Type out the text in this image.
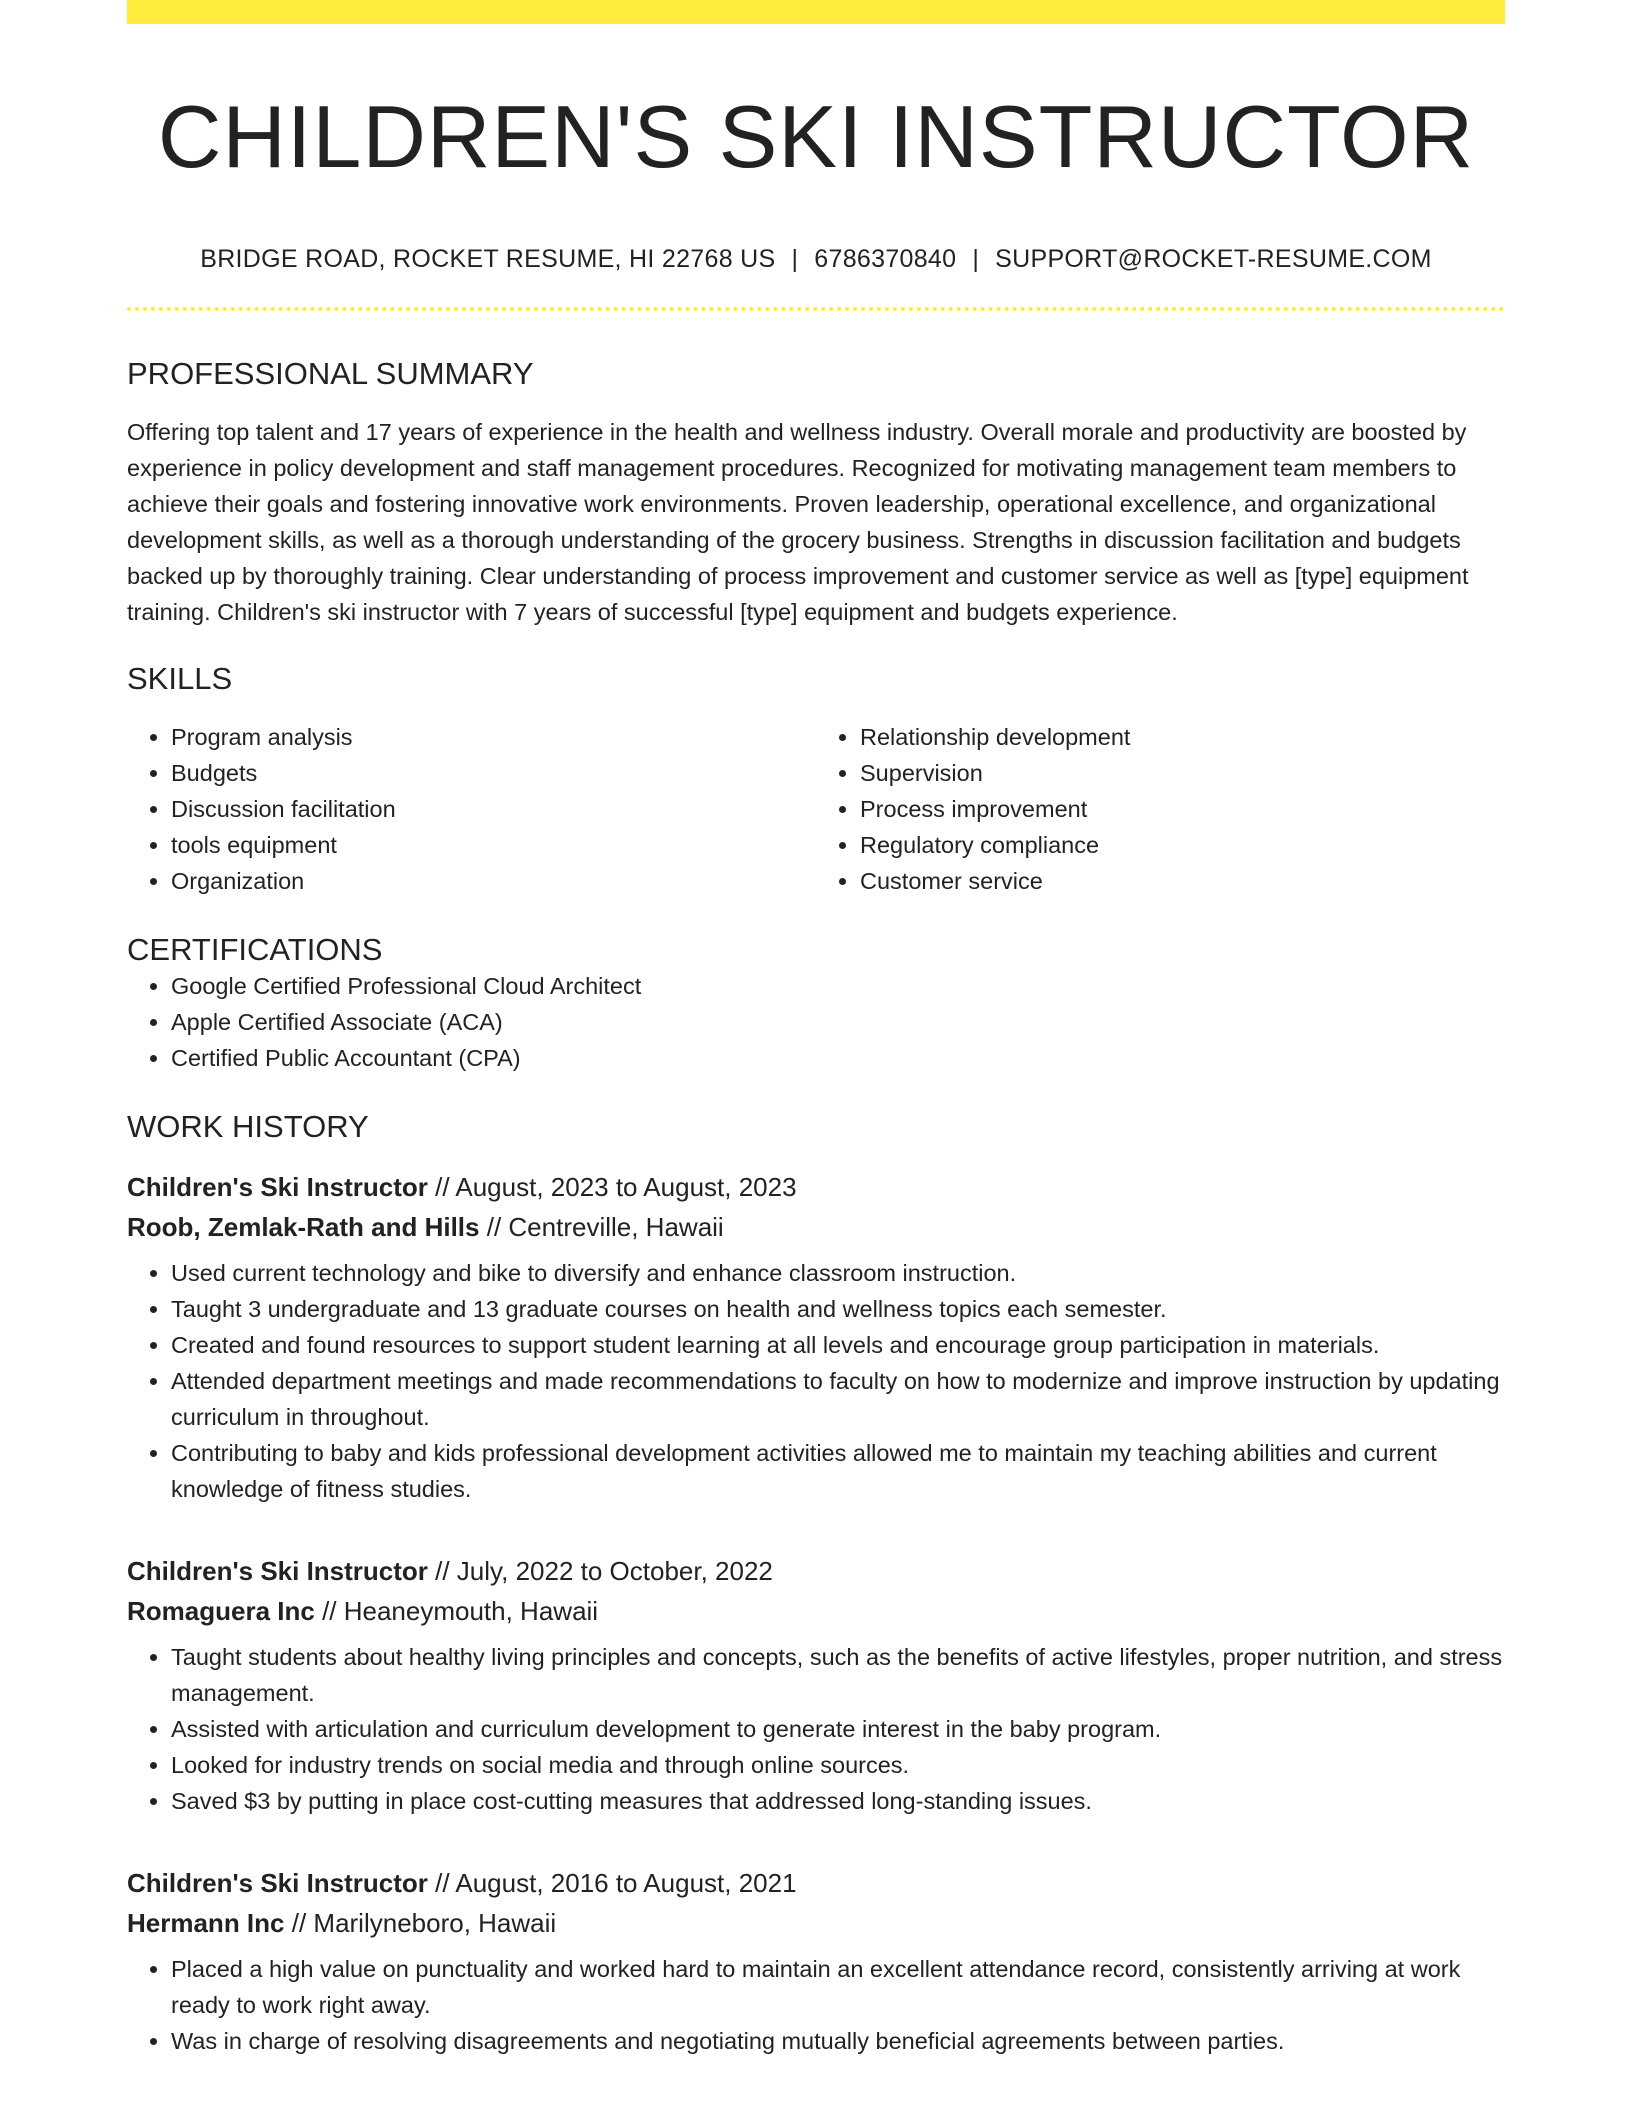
CHILDREN'S SKI INSTRUCTOR
BRIDGE ROAD, ROCKET RESUME, HI 22768 US | 6786370840 | SUPPORT@ROCKET-RESUME.COM
PROFESSIONAL SUMMARY

Offering top talent and 17 years of experience in the health and wellness industry. Overall morale and productivity are boosted by experience in policy development and staff management procedures. Recognized for motivating management team members to achieve their goals and fostering innovative work environments. Proven leadership, operational excellence, and organizational development skills, as well as a thorough understanding of the grocery business. Strengths in discussion facilitation and budgets backed up by thoroughly training. Clear understanding of process improvement and customer service as well as [type] equipment training. Children's ski instructor with 7 years of successful [type] equipment and budgets experience.

SKILLS
• Program analysis
• Budgets
• Discussion facilitation
• tools equipment
• Organization
• Relationship development
• Supervision
• Process improvement
• Regulatory compliance
• Customer service
CERTIFICATIONS
• Google Certified Professional Cloud Architect
• Apple Certified Associate (ACA)
• Certified Public Accountant (CPA)
WORK HISTORY
Children's Ski Instructor // August, 2023 to August, 2023
Roob, Zemlak-Rath and Hills // Centreville, Hawaii
• Used current technology and bike to diversify and enhance classroom instruction.
• Taught 3 undergraduate and 13 graduate courses on health and wellness topics each semester.
• Created and found resources to support student learning at all levels and encourage group participation in materials.
• Attended department meetings and made recommendations to faculty on how to modernize and improve instruction by updating curriculum in throughout.
• Contributing to baby and kids professional development activities allowed me to maintain my teaching abilities and current knowledge of fitness studies.
Children's Ski Instructor // July, 2022 to October, 2022
Romaguera Inc // Heaneymouth, Hawaii
• Taught students about healthy living principles and concepts, such as the benefits of active lifestyles, proper nutrition, and stress management.
• Assisted with articulation and curriculum development to generate interest in the baby program.
• Looked for industry trends on social media and through online sources.
• Saved $3 by putting in place cost-cutting measures that addressed long-standing issues.
Children's Ski Instructor // August, 2016 to August, 2021
Hermann Inc // Marilyneboro, Hawaii
• Placed a high value on punctuality and worked hard to maintain an excellent attendance record, consistently arriving at work ready to work right away.
• Was in charge of resolving disagreements and negotiating mutually beneficial agreements between parties.
